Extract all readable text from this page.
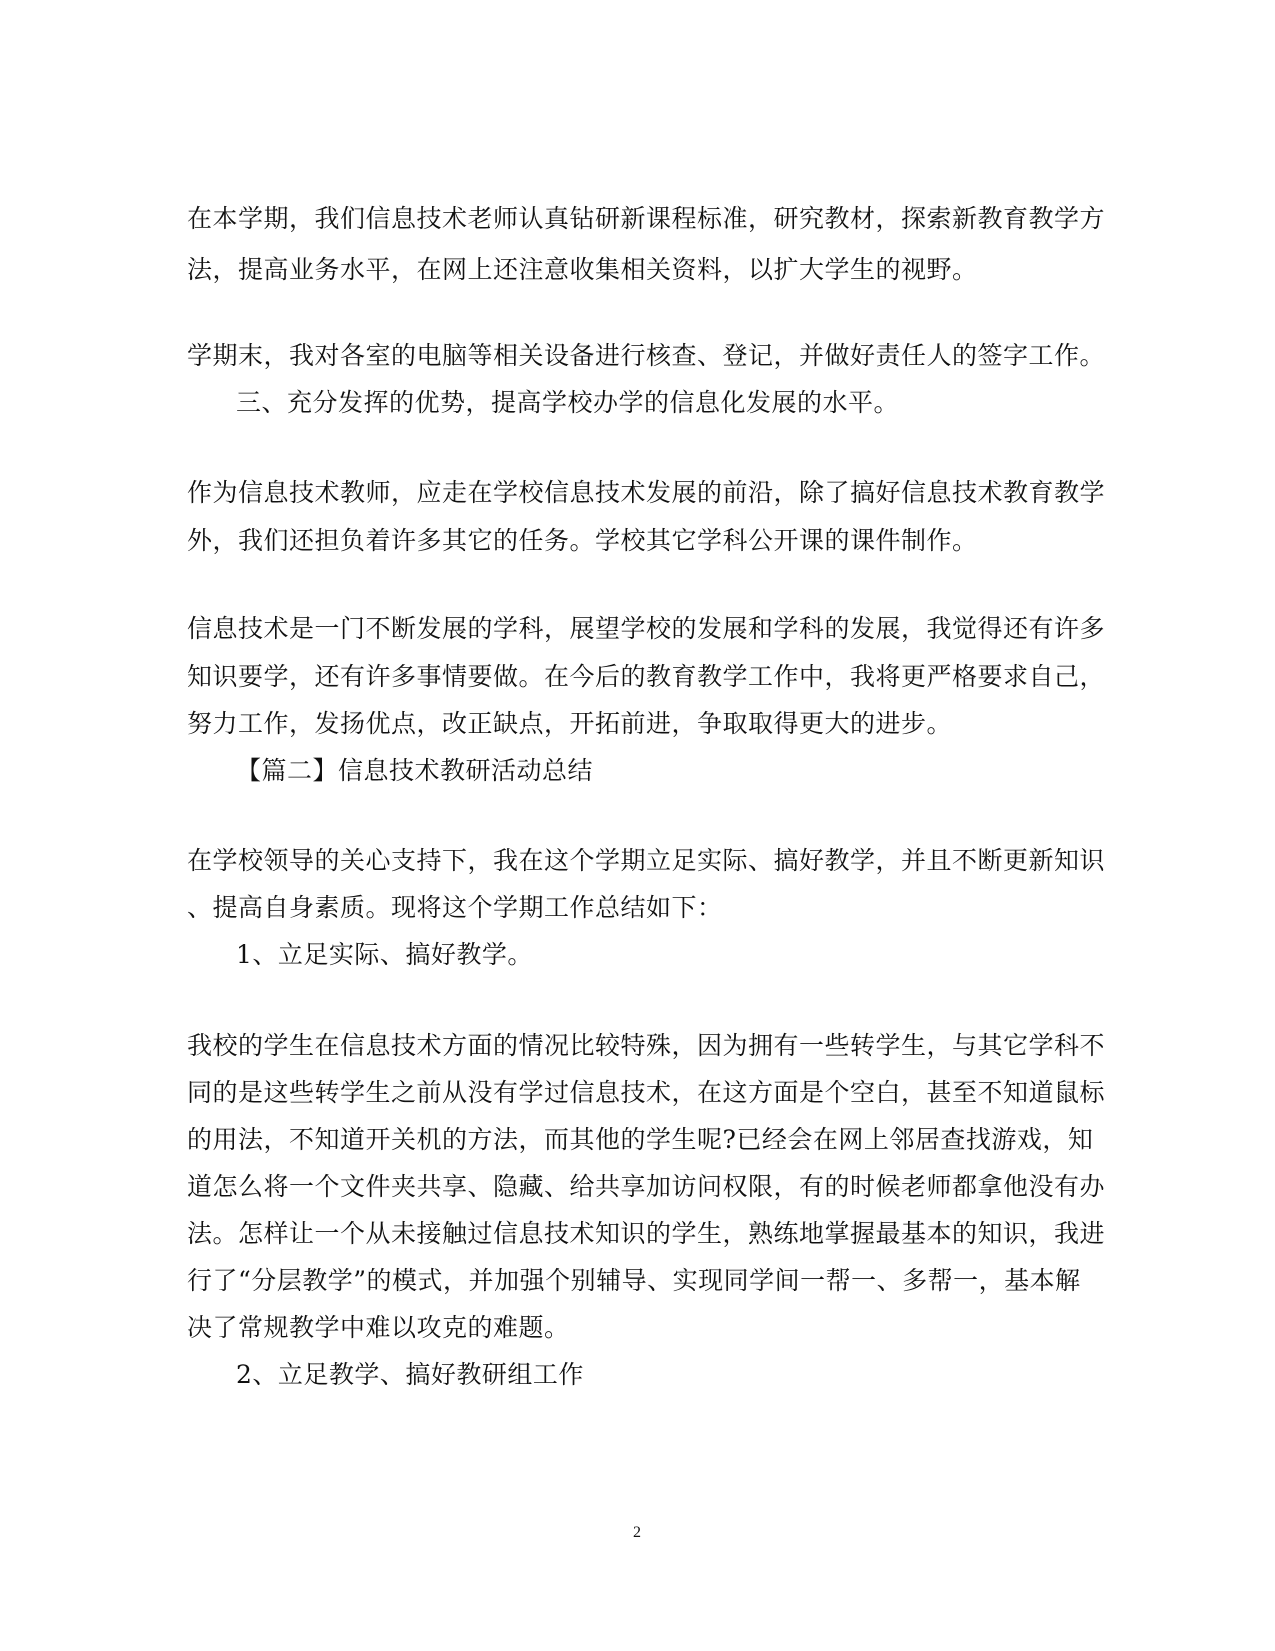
在本学期，我们信息技术老师认真钻研新课程标准，研究教材，探索新教育教学方
法，提高业务水平，在网上还注意收集相关资料，以扩大学生的视野。
学期末，我对各室的电脑等相关设备进行核查、登记，并做好责任人的签字工作。
三、充分发挥的优势，提高学校办学的信息化发展的水平。
作为信息技术教师，应走在学校信息技术发展的前沿，除了搞好信息技术教育教学
外，我们还担负着许多其它的任务。学校其它学科公开课的课件制作。
信息技术是一门不断发展的学科，展望学校的发展和学科的发展，我觉得还有许多
知识要学，还有许多事情要做。在今后的教育教学工作中，我将更严格要求自己，
努力工作，发扬优点，改正缺点，开拓前进，争取取得更大的进步。
【篇二】信息技术教研活动总结
在学校领导的关心支持下，我在这个学期立足实际、搞好教学，并且不断更新知识
、提高自身素质。现将这个学期工作总结如下：
1、立足实际、搞好教学。
我校的学生在信息技术方面的情况比较特殊，因为拥有一些转学生，与其它学科不
同的是这些转学生之前从没有学过信息技术，在这方面是个空白，甚至不知道鼠标
的用法，不知道开关机的方法，而其他的学生呢?已经会在网上邻居查找游戏，知
道怎么将一个文件夹共享、隐藏、给共享加访问权限，有的时候老师都拿他没有办
法。怎样让一个从未接触过信息技术知识的学生，熟练地掌握最基本的知识，我进
行了“分层教学”的模式，并加强个别辅导、实现同学间一帮一、多帮一，基本解
决了常规教学中难以攻克的难题。
2、立足教学、搞好教研组工作
2
